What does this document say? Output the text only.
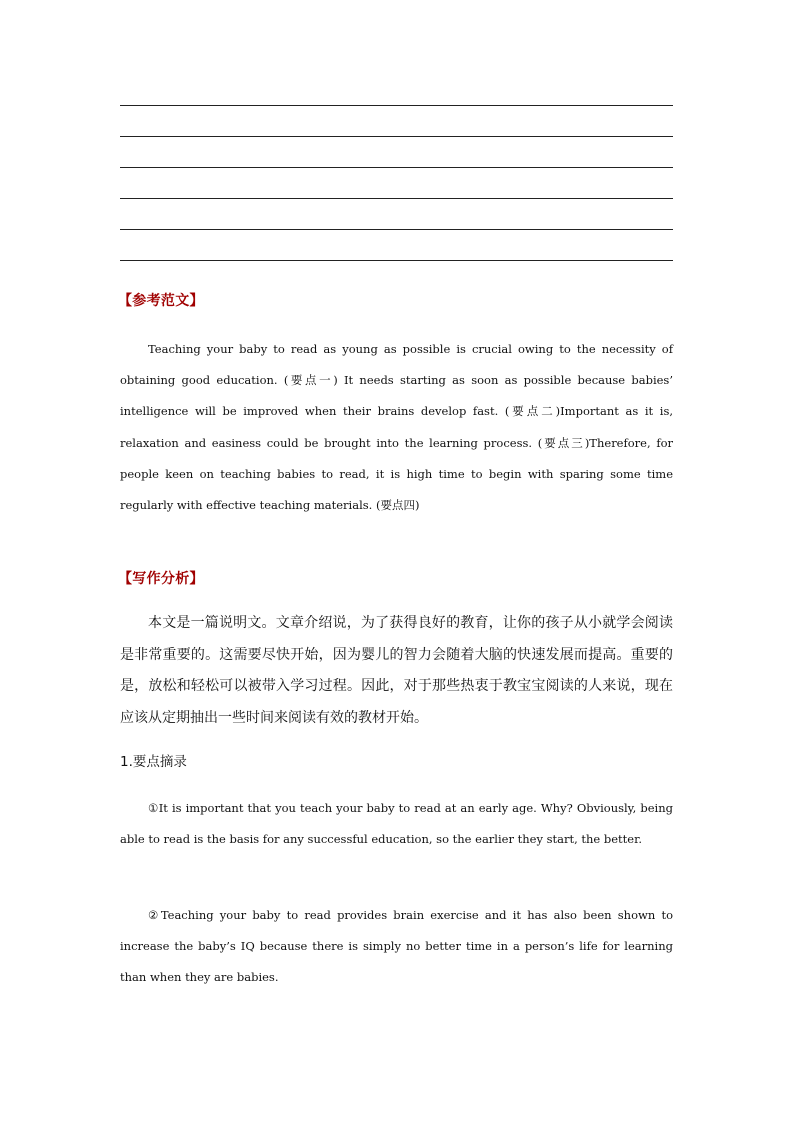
【参考范文】

Teaching your baby to read as young as possible is crucial owing to the necessity of obtaining good education. (要点一) It needs starting as soon as possible because babies’ intelligence will be improved when their brains develop fast. (要点二)Important as it is, relaxation and easiness could be brought into the learning process. (要点三)Therefore, for people keen on teaching babies to read, it is high time to begin with sparing some time regularly with effective teaching materials. (要点四)

【写作分析】

本文是一篇说明文。文章介绍说，为了获得良好的教育，让你的孩子从小就学会阅读是非常重要的。这需要尽快开始，因为婴儿的智力会随着大脑的快速发展而提高。重要的是，放松和轻松可以被带入学习过程。因此，对于那些热衷于教宝宝阅读的人来说，现在应该从定期抽出一些时间来阅读有效的教材开始。

1.要点摘录

①It is important that you teach your baby to read at an early age. Why? Obviously, being able to read is the basis for any successful education, so the earlier they start, the better.

②Teaching your baby to read provides brain exercise and it has also been shown to increase the baby’s IQ because there is simply no better time in a person’s life for learning than when they are babies.
